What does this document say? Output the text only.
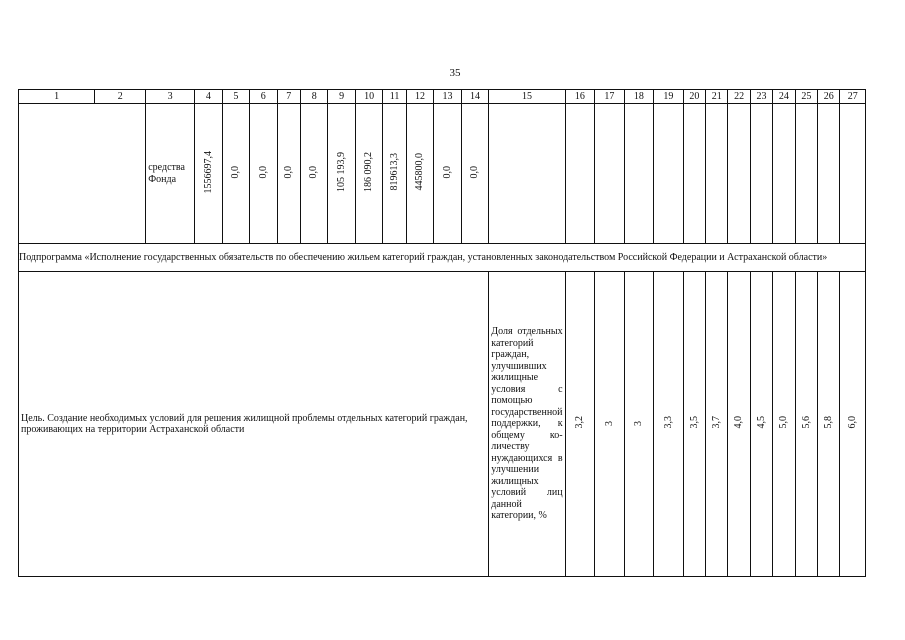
35
1	2	3	4	5	6	7	8	9	10	11	12	13	14	15	16	17	18	19	20	21	22	23	24	25	26	27
		средства Фонда	1556697,4	0,0	0,0	0,0	0,0	105 193,9	186 090,2	819613,3	445800,0	0,0	0,0													
Подпрограмма «Исполнение государственных обязательств по обеспечению жильем категорий граждан, установленных законодательством Российской Федерации и Астраханской области»																										
Цель. Создание необходимых условий для решения жилищной проблемы отдельных категорий граждан, проживающих на территории Астраханской области														Доля отдельных категорий граждан, улучшивших жилищные условия с помощью государственной поддержки, к общему количеству нуждающихся в улучшении жилищных условий лиц данной категории, %	3,2	3	3	3,3	3,5	3,7	4,0	4,5	5,0	5,6	5,8	6,0
